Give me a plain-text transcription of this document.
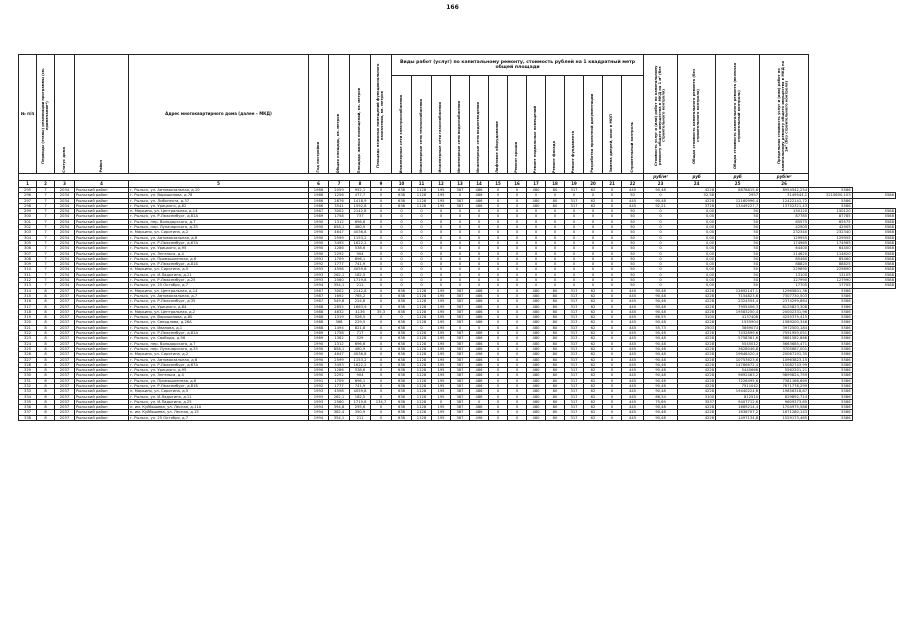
166
№ п/п	Периоды (этапы) реализации программы (см. примечание*)	Статус дома	Район	Адрес многоквартирного дома (далее – МКД)	Год постройки	Общая площадь, кв. метров	Площадь жилых помещений, кв. метров	Площадь нежилых помещений функционального назначения, кв. метров	Виды работ (услуг) по капитальному ремонту, стоимость рублей на 1 квадратный метр общей площади													Стоимость услуг и (или) работ по капитальному ремонту общего имущества в МКД на 1 м² (без строительного контроля)	Общая стоимость капитального ремонта (без строительного контроля)	Общая стоимость капитального ремонта (включая строительный контроль)	Предельная стоимость услуг и (или) работ по капитальному ремонту общего имущества в МКД на 1м² (без строительного контроля)		

									Инженерные сети электроснабжения	Инженерные сети теплоснабжения	Инженерные сети газоснабжения	Инженерные сети водоснабжения	Инженерные сети водоотведения	Лифтовое оборудование	Ремонт крыши	Ремонт подвальных помещений	Ремонт фасада	Ремонт фундамента	Разработка проектной документации	Замена дверей, окон в МОП	Строительный контроль						

																						руб/м²	руб	руб	руб/м²		
1	2	3	4	5	6	7	8	9	10	11	12	13	14	15	16	17	18	19	20	21	22	23	24	25	26		
295	7	2034	Рыльский район	г. Рыльск, ул. Автовокзальная, д.10	1986	2059	952,1	0	638	1128	195	387	486	0	0	480	80	317	62	0	445	90,48	4228	8878815,6	8954542,254	5586	
296	7	2034	Рыльский район	г. Рыльск, ул. Ворошилова, д.78	1986	1256	477,7	0	638	1128	195	0	486	0	0	0	0	0	0	0	50	0	52,58	2957	3149544,1	3215600,103	5586
297	7	2034	Рыльский район	г. Рыльск, ул. Либкнехта, д.37	1986	2876	1418,9	0	638	1128	195	387	486	0	0	480	80	317	62	0	445	90,48	4228	12160996,4	12422141,72	5586	
298	7	2034	Рыльский район	г. Рыльск, ул. Урицкого, д.82	1986	3541	1592,8	0	638	1128	195	387	486	0	0	480	80	317	62	0	445	92,21	3728	13449227,7	13752321,43	5586	
299	7	2034	Рыльский район	п. Марьино, ул. Центральная, д.14	1987	3002	2142,8	0	0	0	0	0	0	0	0	0	0	0	0	0	50	0	0,00	50	150120	150120	5588
300	7	2034	Рыльский район	г. Рыльск, ул. Р.Люксембург, д.81А	1989	1758	737	0	0	0	0	0	0	0	0	0	0	0	0	0	50	0	0,00	50	87785	87785	5588
301	7	2034	Рыльский район	г. Рыльск, пер. Володарского, д.7	1990	1312	696,6	0	0	0	0	0	0	0	0	0	0	0	0	0	50	0	0,00	50	65575	65575	5588
302	7	2034	Рыльский район	г. Рыльск, пер. Луначарского, д.33	1990	858,1	480,9	0	0	0	0	0	0	0	0	0	0	0	0	0	50	0	0,00	50	42905	42905	5588
303	7	2034	Рыльский район	п. Марьино, ул. Сиротина, д.2	1990	4647	4036,8	0	0	0	0	0	0	0	0	0	0	0	0	0	50	0	0,00	50	232340	232340	5588
304	7	2034	Рыльский район	г. Рыльск, ул. Автовокзальная, д.6	1990	2599	1153,2	0	0	0	0	0	0	0	0	0	0	0	0	0	50	0	0,00	50	129955	129955	5588
305	7	2034	Рыльский район	г. Рыльск, ул. Р.Люксембург, д.67А	1990	3495	1622,2	0	0	0	0	0	0	0	0	0	0	0	0	0	50	0	0,00	50	174965	174965	5588
306	7	2034	Рыльский район	г. Рыльск, ул. Урицкого, д.95	1990	1286	538,6	0	0	0	0	0	0	0	0	0	0	0	0	0	50	0	0,00	50	64400	64400	5588
307	7	2034	Рыльский район	г. Рыльск, ул. Энгельса, д.4	1990	2292	904	0	0	0	0	0	0	0	0	0	0	0	0	0	50	0	0,00	50	114620	114620	5588
308	7	2034	Рыльский район	г. Рыльск, ул. Промышленная, д.6	1991	1709	896,1	0	0	0	0	0	0	0	0	0	0	0	0	0	50	0	0,00	50	85460	85460	5588
309	7	2034	Рыльский район	г. Рыльск, ул. Р.Люксембург, д.81Б	1992	1777	741,9	0	0	0	0	0	0	0	0	0	0	0	0	0	50	0	0,00	50	88825	88825	5588
310	7	2034	Рыльский район	п. Марьино, ул. Сиротина, д.5	1993	4598	4059,8	0	0	0	0	0	0	0	0	0	0	0	0	0	50	0	0,00	50	229890	229890	5588
311	7	2034	Рыльский район	г. Рыльск, ул. И.Ладыгина, д.11	1993	262,1	182,5	0	0	0	0	0	0	0	0	0	0	0	0	0	50	0	0,00	50	13105	13105	5588
312	7	2034	Рыльский район	г. Рыльск, ул. Р.Люксембург, д.25	1993	2560	1719,8	0	0	0	0	0	0	0	0	0	0	0	0	0	50	0	0,00	50	127990	127990	5588
313	7	2034	Рыльский район	г. Рыльск, ул. 25 Октября, д.7	1994	354,1	211	0	0	0	0	0	0	0	0	0	0	0	0	0	50	0	0,00	50	17705	17705	5588
314	8	2037	Рыльский район	п. Марьино, ул. Центральная, д.14	1987	3002	2142,8	0	638	1128	195	387	486	0	0	480	80	317	62	0	445	90,48	4228	12692147,1	12965801,36	5586	
315	8	2037	Рыльский район	г. Рыльск, ул. Автовокзальная, д.7	1987	1692	765,2	0	638	1128	195	387	486	0	0	480	80	317	62	0	445	90,48	4228	7154823,6	7307730,503	5586	
316	8	2037	Рыльский район	г. Рыльск, ул. Р.Люксембург, д.35	1987	549,8	224,8	0	638	1128	195	387	486	0	0	480	80	317	62	0	445	90,48	4228	2324554,4	2374299,864	5586	
317	8	2037	Рыльский район	г. Рыльск, ул. Урицкого, д.84	1988	2855	1663,9	0	638	1128	195	387	486	0	0	480	80	317	62	0	445	90,48	4228	7955406,3	8125823,308	5586	
318	8	2037	Рыльский район	п. Марьино, ул. Центральная, д.2	1988	4632	4136	35,3	638	1128	195	387	486	0	0	480	80	317	62	0	445	90,48	4228	19583250,4	20002331,96	5586	
319	8	2037	Рыльский район	г. Рыльск, ул. Ворошилова, д.80	1988	1319	526,5	0	0	1128	195	387	486	0	0	480	80	317	62	0	445	66,55	3100	4137408	4255379,415	5586	
320	8	2037	Рыльский район	г. Рыльск, ул. Свердлова, д.26А	1988	368	229,5	0	638	1128	195	387	486	0	0	480	80	317	62	0	445	90,48	4228	1555904	1589200,346	5586	
321	8	2037	Рыльский район	г. Рыльск, ул. Иванова, д.1	1988	1494	821,8	0	638	0	195	0	0	0	0	480	80	317	62	0	445	55,73	2503	3869074	3972500,184	5586	
322	8	2037	Рыльский район	г. Рыльск, ул. Р.Люксембург, д.81А	1989	1758	717	0	638	1128	195	387	486	0	0	480	80	317	62	0	445	90,48	4228	7432899,6	7591959,051	5586	
323	8	2037	Рыльский район	г. Рыльск, ул. Свободы, д.56	1989	1362	529	0	638	1128	195	387	486	0	0	480	80	317	62	0	445	90,48	4228	5758361,6	5881582,866	5586	
324	8	2037	Рыльский район	г. Рыльск, пер. Володарского, д.7	1990	1312	696,6	0	638	1128	195	387	486	0	0	480	80	317	62	0	445	90,48	4228	5545012	5663685,471	5586	
325	8	2037	Рыльский район	г. Рыльск, пер. Луначарского, д.33	1990	858,1	480,9	0	638	1128	195	387	486	0	0	480	80	317	62	0	445	90,48	4228	3628046,8	3705687,001	5586	
326	8	2037	Рыльский район	п. Марьино, ул. Сиротина, д.2	1990	4647	4036,8	0	638	1128	195	387	496	0	0	480	80	317	62	0	445	90,48	4228	19646420,4	20067191,35	5586	
327	8	2037	Рыльский район	г. Рыльск, ул. Автовокзальная, д.6	1990	2599	1153,2	0	638	1128	195	387	486	0	0	480	80	317	62	0	445	90,48	4228	10753623,6	10963823,15	5586	
328	8	2037	Рыльский район	г. Рыльск, ул. Р.Люксембург, д.67А	1990	3493	1622,2	0	638	1128	195	387	486	0	0	480	80	317	62	0	445	90,48	4228	14766672,4	15082743,99	5586	
329	8	2037	Рыльский район	г. Рыльск, ул. Урицкого, д.95	1990	1286	538,6	0	638	1128	195	387	486	0	0	480	80	317	62	0	445	90,48	4228	5445666	5562201,21	5586	
330	8	2037	Рыльский район	г. Рыльск, ул. Энгельса, д.4	1990	2292	904	0	638	1128	195	387	486	0	0	480	80	317	62	0	445	90,48	4228	9692463,2	9899824,759	5586	
331	8	2037	Рыльский район	г. Рыльск, ул. Промышленная, д.6	1991	1709	696,1	0	638	1128	195	387	486	0	0	480	80	317	62	0	445	90,48	4228	7226495,6	7381166,669	5586	
332	8	2037	Рыльский район	г. Рыльск, ул. Р.Люксембург, д.81Б	1992	1777	741,9	0	638	1128	195	387	486	0	0	480	80	317	62	0	445	90,48	4228	7511042	7671778,299	5586	
333	8	2037	Рыльский район	п. Марьино, ул. Сиротина, д.5	1993	4598	4059,8	0	638	1128	195	387	486	0	0	480	80	317	62	0	445	90,48	4228	19440224,8	19856318,87	5586	
334	8	2037	Рыльский район	г. Рыльск, ул. И.Ладыгина, д.11	1993	262,1	182,5	0	638	1128	195	387	486	0	0	480	80	317	62	0	445	66,34	3100	812510	829892,714	5586	
335	8	2037	Рыльский район	г. Рыльск, ул. И.Ладыгина, д.25	1993	2560	1719,8	134,7	638	1128	0	387	0	0	0	480	80	317	62	0	445	75,69	3537	9407712,6	9609373,65	5586	
336	8	2037	Рыльский район	п. им. Куйбышева, ул. Лесная, д.11А	1994	394,8	295,6	0	638	1128	195	387	486	0	0	480	80	317	62	0	445	90,48	4228	1669214,4	1704975,588	5586	
337	8	2037	Рыльский район	п. им. Куйбышева, ул. Лесная, д.15	1994	382,4	350,9	0	638	1128	195	387	486	0	0	480	80	317	62	0	445	90,48	4228	1636707,2	1671280,143	5586	
338	8	2037	Рыльский район	г. Рыльск, ул. 25 Октября, д.7	1994	354,1	211	0	638	1128	195	387	496	0	0	480	80	317	62	0	445	90,48	4228	1497134,8	1529173,465	5586	
